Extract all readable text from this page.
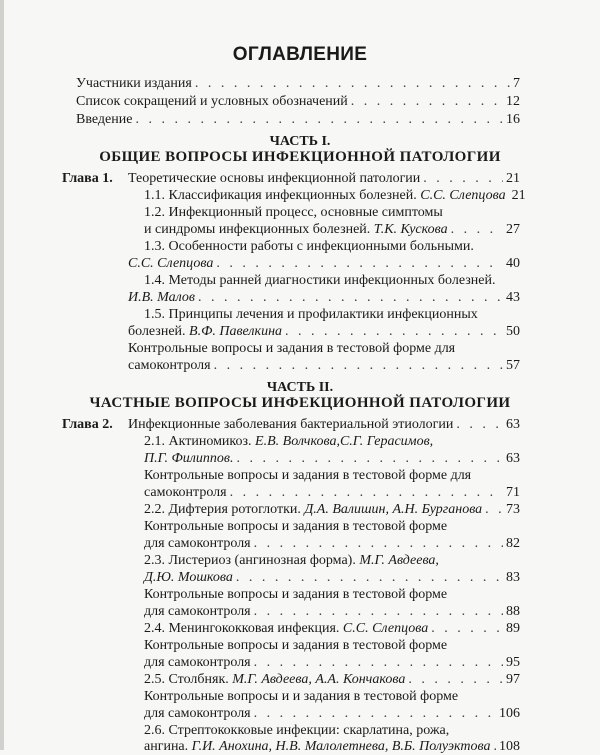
ОГЛАВЛЕНИЕ
Участники издания . . .	7
Список сокращений и условных обозначений . . .	12
Введение . . .	16
ЧАСТЬ I.
ОБЩИЕ ВОПРОСЫ ИНФЕКЦИОННОЙ ПАТОЛОГИИ
Глава 1. Теоретические основы инфекционной патологии . . .	21
1.1. Классификация инфекционных болезней. С.С. Слепцова 21
1.2. Инфекционный процесс, основные симптомы
и синдромы инфекционных болезней. Т.К. Кускова . . .	27
1.3. Особенности работы с инфекционными больными.
С.С. Слепцова . . .	40
1.4. Методы ранней диагностики инфекционных болезней.
И.В. Малов . . .	43
1.5. Принципы лечения и профилактики инфекционных
болезней. В.Ф. Павелкина . . .	50
Контрольные вопросы и задания в тестовой форме для
самоконтроля . . .	57
ЧАСТЬ II.
ЧАСТНЫЕ ВОПРОСЫ ИНФЕКЦИОННОЙ ПАТОЛОГИИ
Глава 2. Инфекционные заболевания бактериальной этиологии . . .	63
2.1. Актиномикоз. Е.В. Волчкова,С.Г. Герасимов,
П.Г. Филиппов. . . .	63
Контрольные вопросы и задания в тестовой форме для
самоконтроля . . .	71
2.2. Дифтерия ротоглотки. Д.А. Валишин, А.Н. Бурганова . . . 73
Контрольные вопросы и задания в тестовой форме
для самоконтроля . . .	82
2.3. Листериоз (ангинозная форма). М.Г. Авдеева,
Д.Ю. Мошкова . . .	83
Контрольные вопросы и задания в тестовой форме
для самоконтроля . . .	88
2.4. Менингококковая инфекция. С.С. Слепцова . . .	89
Контрольные вопросы и задания в тестовой форме
для самоконтроля . . .	95
2.5. Столбняк. М.Г. Авдеева, А.А. Кончакова . . .	97
Контрольные вопросы и и задания в тестовой форме
для самоконтроля . . .	106
2.6. Стрептококковые инфекции: скарлатина, рожа,
ангина. Г.И. Анохина, Н.В. Малолетнева, В.Б. Полуэктова . . . 108
